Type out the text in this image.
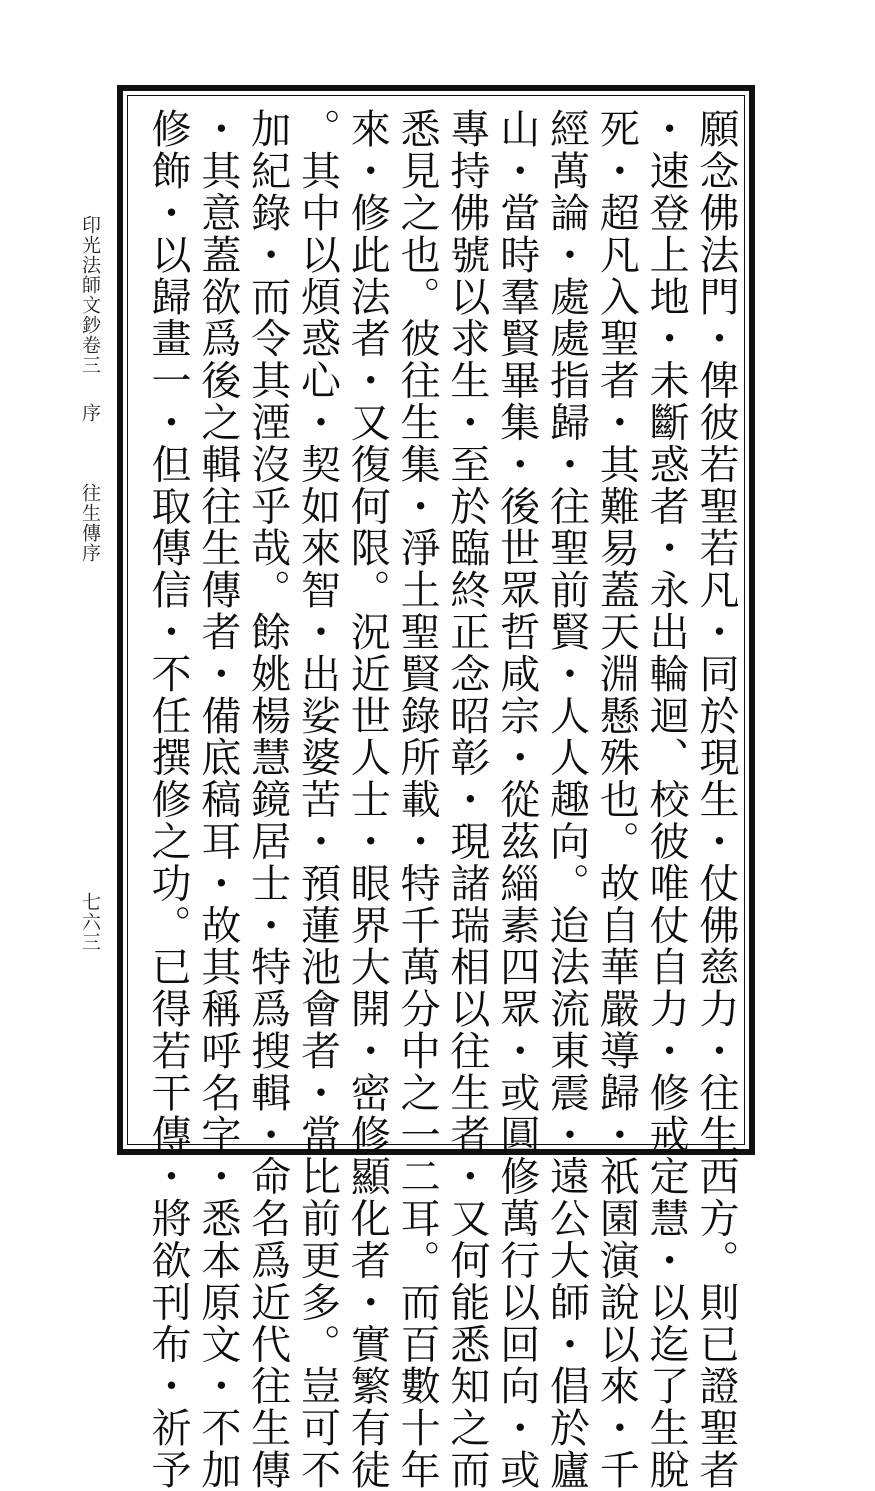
印光法師文鈔卷三
序
往生傳序
七六三	願念佛法門・俾彼若聖若凡・同於現生・仗佛慈力・往生西方。則已證聖者
・速登上地・未斷惑者・永出輪迴、校彼唯仗自力・修戒定慧・以迄了生脫
死・超凡入聖者・其難易蓋天淵懸殊也。故自華嚴導歸・祇園演說以來・千
經萬論・處處指歸・往聖前賢・人人趣向。迨法流東震・遠公大師・倡於廬
山・當時羣賢畢集・後世眾哲咸宗・從茲緇素四眾・或圓修萬行以回向・或
專持佛號以求生・至於臨終正念昭彰・現諸瑞相以往生者・又何能悉知之而
悉見之也。彼往生集・淨土聖賢錄所載・特千萬分中之一二耳。而百數十年
來・修此法者・又復何限。況近世人士・眼界大開・密修顯化者・實繁有徒
。其中以煩惑心・契如來智・出娑婆苦・預蓮池會者・當比前更多。豈可不
加紀錄・而令其湮沒乎哉。餘姚楊慧鏡居士・特爲搜輯・命名爲近代往生傳
・其意蓋欲爲後之輯往生傳者・備底稿耳・故其稱呼名字・悉本原文・不加
修飾・以歸畫一・但取傳信・不任撰修之功。已得若干傳・將欲刊布・祈予
